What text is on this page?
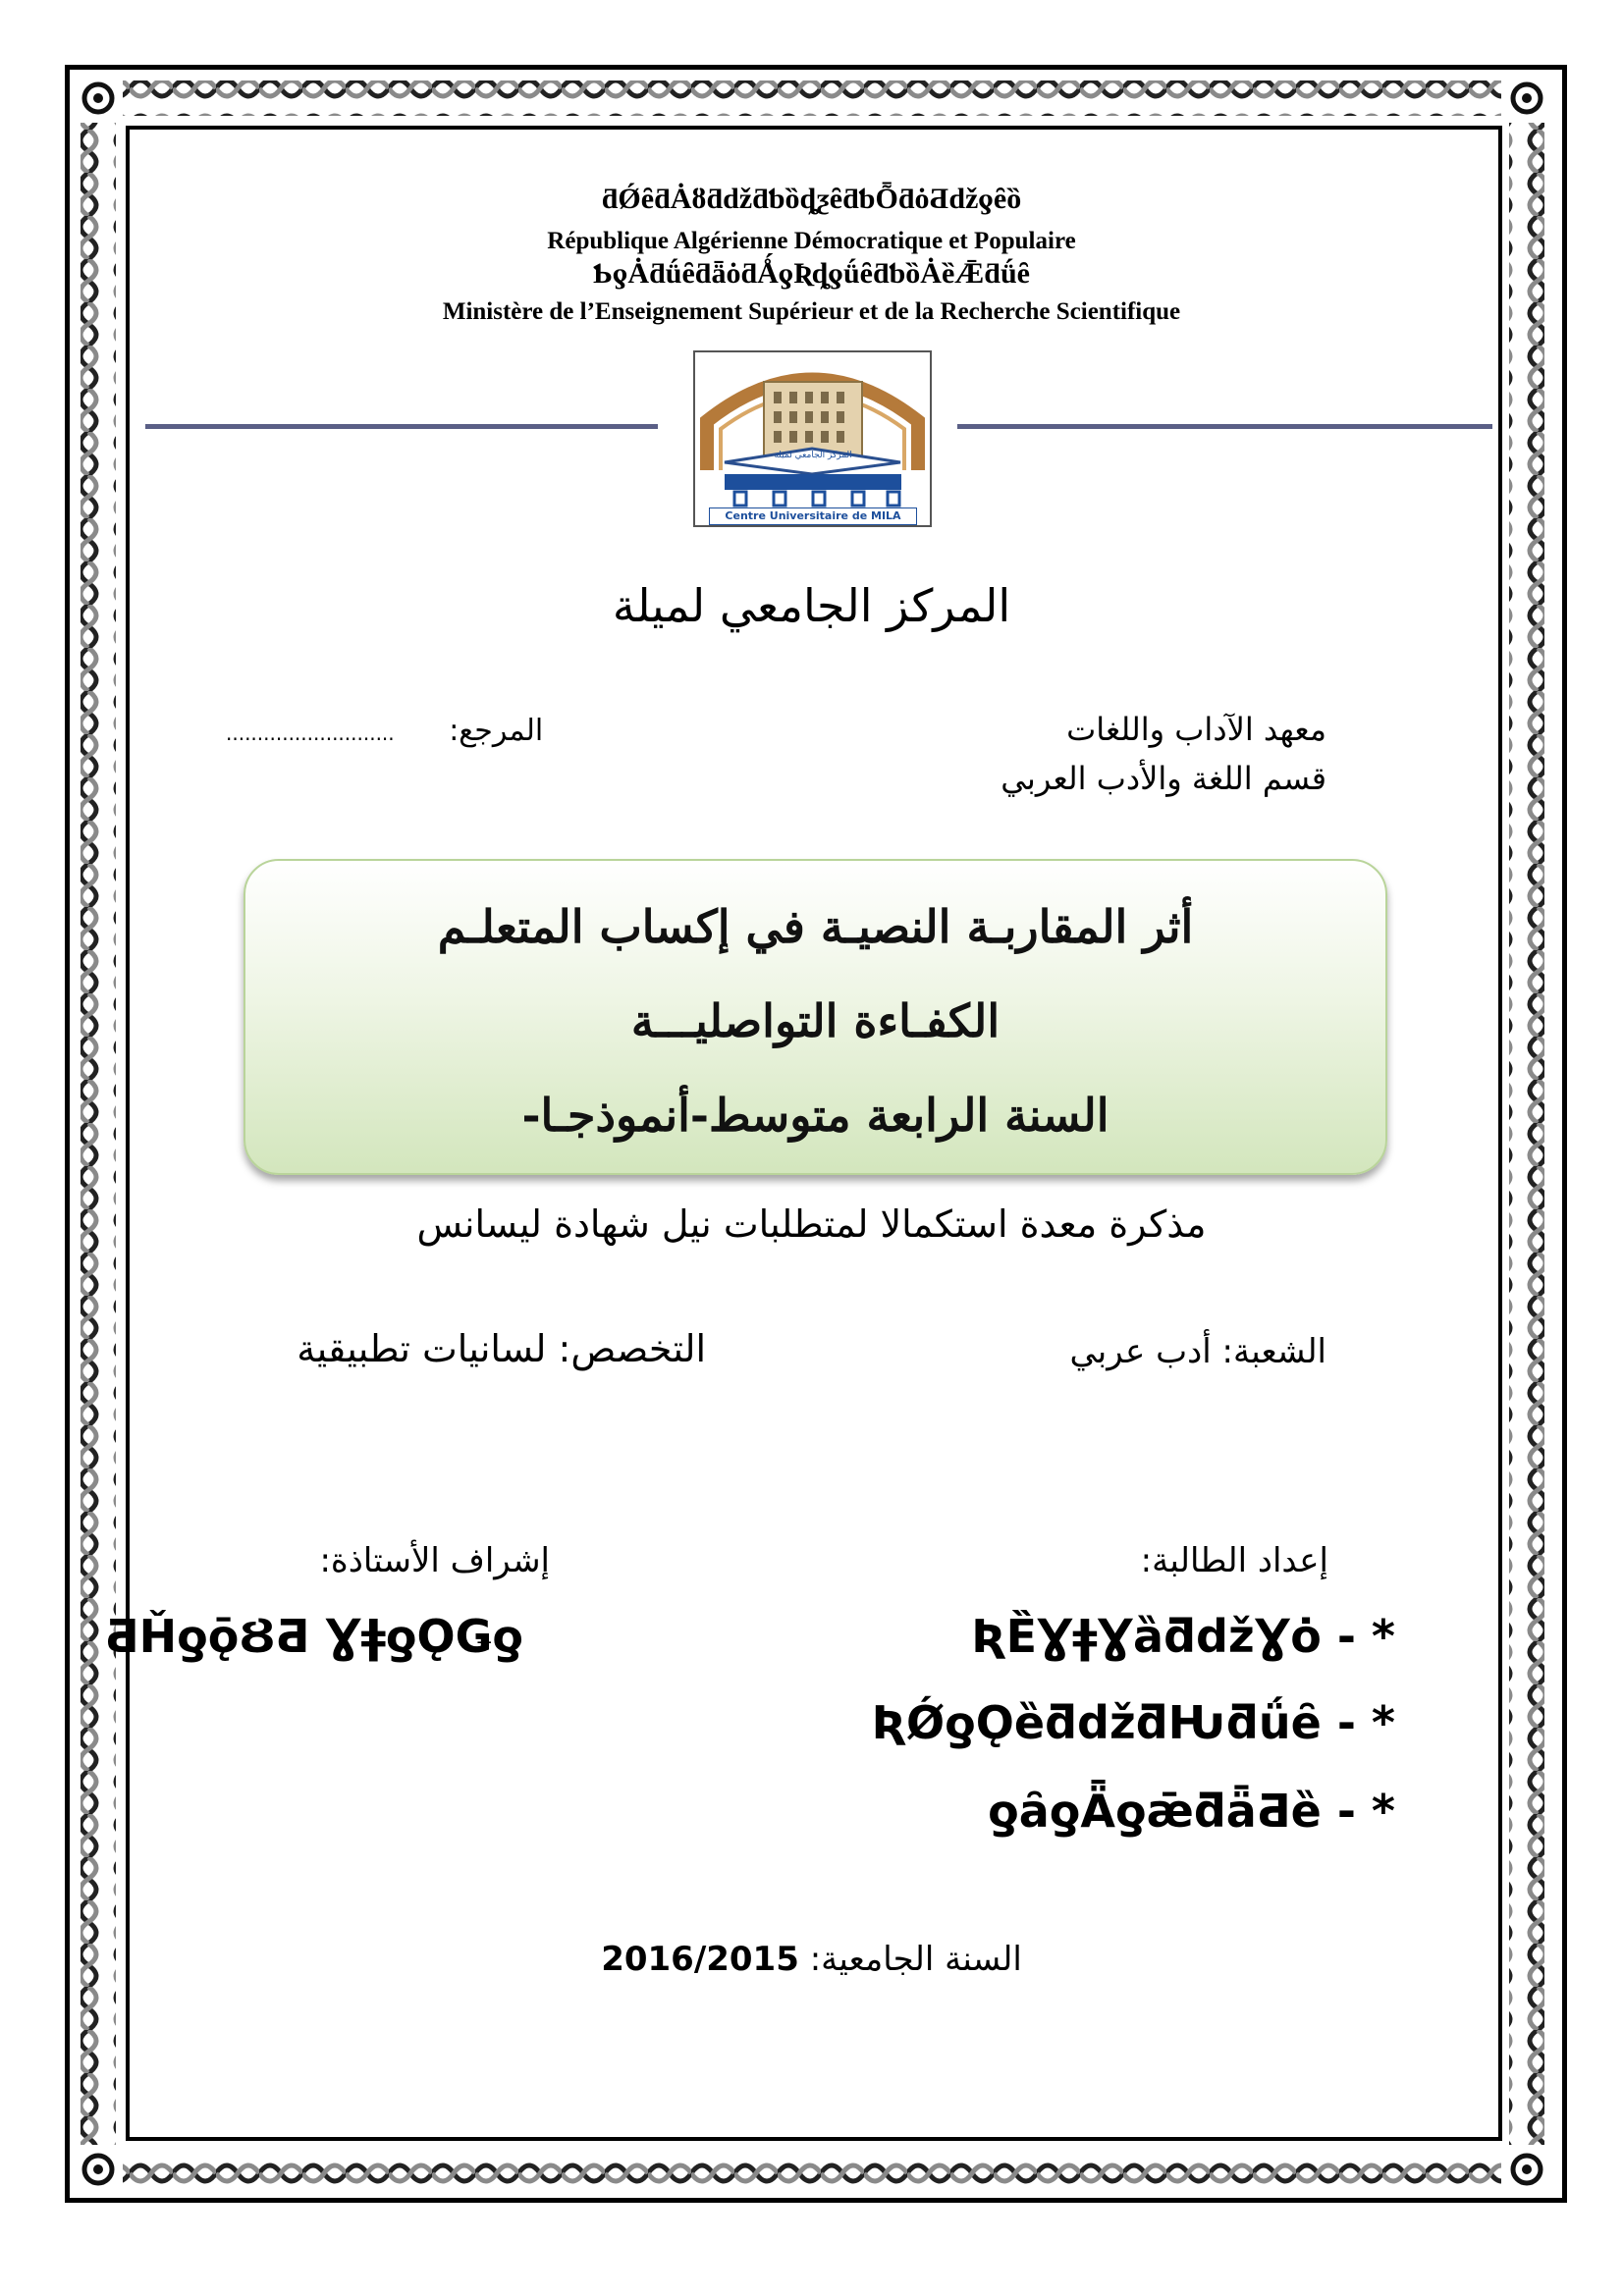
ƌǾȇƌȦȣƌǆƌƅȍȡƺȇƌƅȬƌȯƋǆƍȇȍ
République Algérienne Démocratique et Populaire
ƄƍȦƌǘȇƌǟȯƌǺƍƦȡƍǘȇƌƅȍȦȅǢƌǘȇ
Ministère de l’Enseignement Supérieur et de la Recherche Scientifique
المركز الجامعي لميلة
Centre Universitaire de MILA
المركز الجامعي لميلة
معهد الآداب واللغات
قسم اللغة والأدب العربي
........................... المرجع:
أثر المقاربـة النصيـة في إكساب المتعلـم
الكفـاءة التواصليـــة
السنة الرابعة متوسط-أنموذجـا-
مذكرة معدة استكمالا لمتطلبات نيل شهادة ليسانس
الشعبة: أدب عربي
التخصص: لسانيات تطبيقية
إعداد الطالبة:
* - ƦȄƔǂƔȁƌǆƔȯ
* - ƦǾƍǪȅƌǆƌǶƌǘȇ
* - ƍȃƍǞƍǣƌǟƋȅ
إشراف الأستاذة:
ƋȞƍǭȢƋ ƔǂƍǪǤƍ
2016/2015 السنة الجامعية:
